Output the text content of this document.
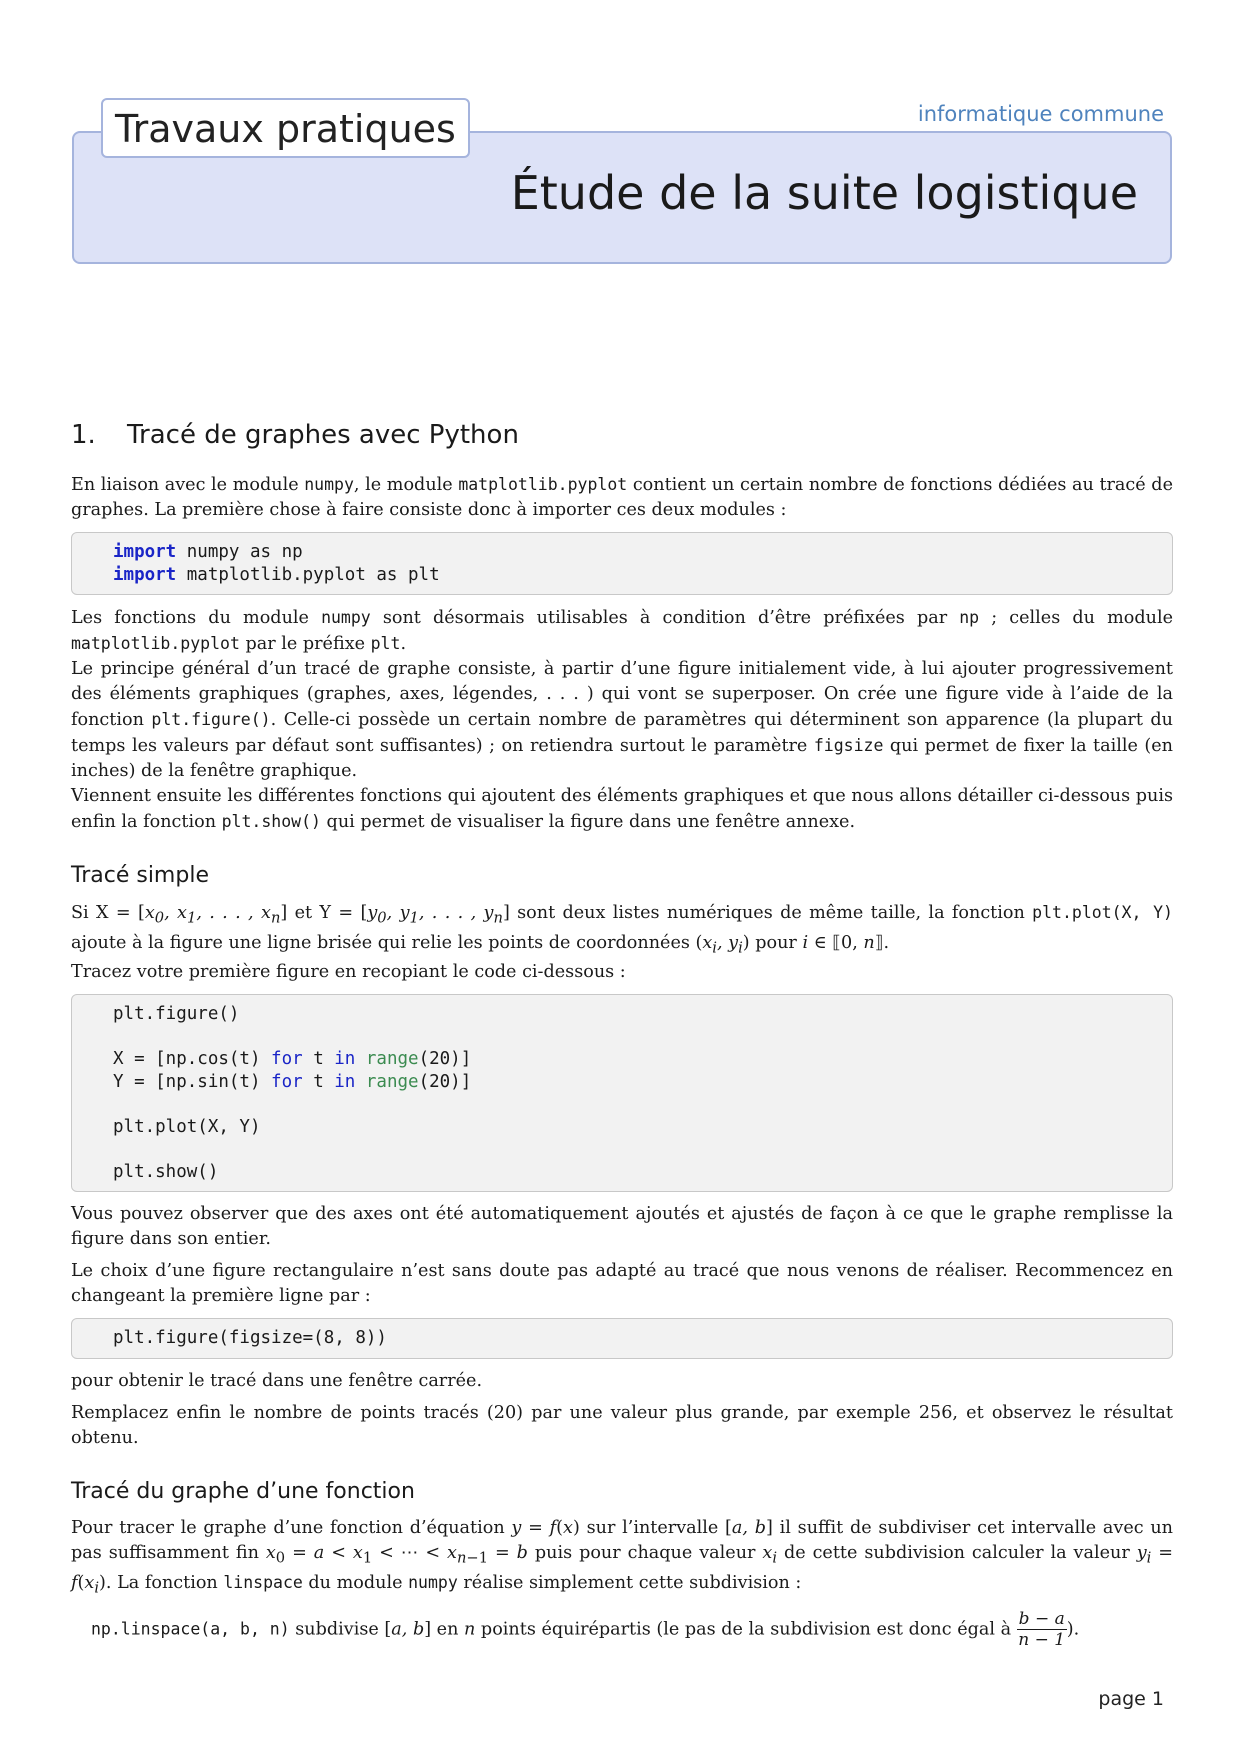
Travaux pratiques	informatique commune
Étude de la suite logistique
1. Tracé de graphes avec Python

En liaison avec le module numpy, le module matplotlib.pyplot contient un certain nombre de fonctions dédiées au tracé de graphes. La première chose à faire consiste donc à importer ces deux modules :

import numpy as np
import matplotlib.pyplot as plt

Les fonctions du module numpy sont désormais utilisables à condition d’être préfixées par np ; celles du module matplotlib.pyplot par le préfixe plt.

Le principe général d’un tracé de graphe consiste, à partir d’une figure initialement vide, à lui ajouter progressivement des éléments graphiques (graphes, axes, légendes, . . . ) qui vont se superposer. On crée une figure vide à l’aide de la fonction plt.figure(). Celle-ci possède un certain nombre de paramètres qui déterminent son apparence (la plupart du temps les valeurs par défaut sont suffisantes) ; on retiendra surtout le paramètre figsize qui permet de fixer la taille (en inches) de la fenêtre graphique.

Viennent ensuite les différentes fonctions qui ajoutent des éléments graphiques et que nous allons détailler ci-dessous puis enfin la fonction plt.show() qui permet de visualiser la figure dans une fenêtre annexe.

Tracé simple

Si $X = [x_0$, $x_1$, . . . , $x_n$] et $Y = [y_0$, $y_1$, . . . , $y_n$] sont deux listes numériques de même taille, la fonction plt.plot(X, Y) ajoute à la figure une ligne brisée qui relie les points de coordonnées ($x_i$, $y_i$) pour i ∈ ⟦0, n⟧.

Tracez votre première figure en recopiant le code ci-dessous :

plt.figure()
X = [np.cos(t) for t in range(20)]
Y = [np.sin(t) for t in range(20)]
plt.plot(X, Y)
plt.show()

Vous pouvez observer que des axes ont été automatiquement ajoutés et ajustés de façon à ce que le graphe remplisse la figure dans son entier.

Le choix d’une figure rectangulaire n’est sans doute pas adapté au tracé que nous venons de réaliser. Recommencez en changeant la première ligne par :

plt.figure(figsize=(8, 8))

pour obtenir le tracé dans une fenêtre carrée.

Remplacez enfin le nombre de points tracés (20) par une valeur plus grande, par exemple 256, et observez le résultat obtenu.

Tracé du graphe d’une fonction

Pour tracer le graphe d’une fonction d’équation y = f(x) sur l’intervalle [a, b] il suffit de subdiviser cet intervalle avec un pas suffisamment fin $x_0 = a < x_1$ < ⋯ < $x_{n-1} = b$ puis pour chaque valeur $x_i$ de cette subdivision calculer la valeur $y_i = f(x_i)$. La fonction linspace du module numpy réalise simplement cette subdivision :

np.linspace(a, b, n) subdivise [a, b] en n points équirépartis (le pas de la subdivision est donc égal à $\frac{b - a}{n - 1}$ ).
page 1
